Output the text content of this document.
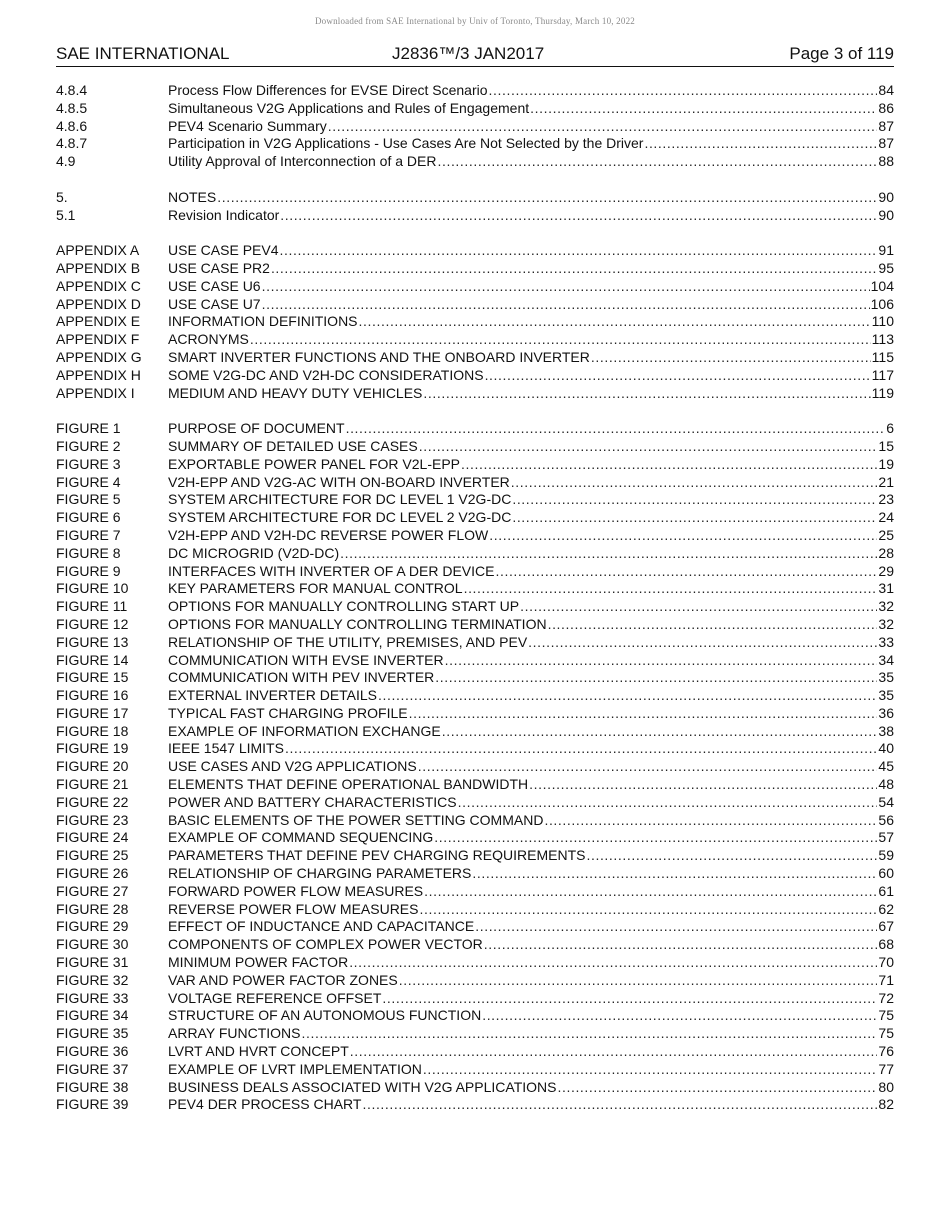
Downloaded from SAE International by Univ of Toronto, Thursday, March 10, 2022
SAE INTERNATIONAL	J2836™/3 JAN2017	Page 3 of 119
4.8.4	Process Flow Differences for EVSE Direct Scenario .....	84
4.8.5	Simultaneous V2G Applications and Rules of Engagement .....	86
4.8.6	PEV4 Scenario Summary .....	87
4.8.7	Participation in V2G Applications - Use Cases Are Not Selected by the Driver .....	87
4.9	Utility Approval of Interconnection of a DER .....	88
5.	NOTES .....	90
5.1	Revision Indicator .....	90
APPENDIX A	USE CASE PEV4 .....	91
APPENDIX B	USE CASE PR2 .....	95
APPENDIX C	USE CASE U6 .....	104
APPENDIX D	USE CASE U7 .....	106
APPENDIX E	INFORMATION DEFINITIONS .....	110
APPENDIX F	ACRONYMS .....	113
APPENDIX G	SMART INVERTER FUNCTIONS AND THE ONBOARD INVERTER .....	115
APPENDIX H	SOME V2G-DC AND V2H-DC CONSIDERATIONS .....	117
APPENDIX I	MEDIUM AND HEAVY DUTY VEHICLES .....	119
FIGURE 1	PURPOSE OF DOCUMENT .....	6
FIGURE 2	SUMMARY OF DETAILED USE CASES .....	15
FIGURE 3	EXPORTABLE POWER PANEL FOR V2L-EPP .....	19
FIGURE 4	V2H-EPP AND V2G-AC WITH ON-BOARD INVERTER .....	21
FIGURE 5	SYSTEM ARCHITECTURE FOR DC LEVEL 1 V2G-DC .....	23
FIGURE 6	SYSTEM ARCHITECTURE FOR DC LEVEL 2 V2G-DC .....	24
FIGURE 7	V2H-EPP AND V2H-DC REVERSE POWER FLOW .....	25
FIGURE 8	DC MICROGRID (V2D-DC) .....	28
FIGURE 9	INTERFACES WITH INVERTER OF A DER DEVICE .....	29
FIGURE 10	KEY PARAMETERS FOR MANUAL CONTROL .....	31
FIGURE 11	OPTIONS FOR MANUALLY CONTROLLING START UP .....	32
FIGURE 12	OPTIONS FOR MANUALLY CONTROLLING TERMINATION .....	32
FIGURE 13	RELATIONSHIP OF THE UTILITY, PREMISES, AND PEV .....	33
FIGURE 14	COMMUNICATION WITH EVSE INVERTER .....	34
FIGURE 15	COMMUNICATION WITH PEV INVERTER .....	35
FIGURE 16	EXTERNAL INVERTER DETAILS .....	35
FIGURE 17	TYPICAL FAST CHARGING PROFILE .....	36
FIGURE 18	EXAMPLE OF INFORMATION EXCHANGE .....	38
FIGURE 19	IEEE 1547 LIMITS .....	40
FIGURE 20	USE CASES AND V2G APPLICATIONS .....	45
FIGURE 21	ELEMENTS THAT DEFINE OPERATIONAL BANDWIDTH .....	48
FIGURE 22	POWER AND BATTERY CHARACTERISTICS .....	54
FIGURE 23	BASIC ELEMENTS OF THE POWER SETTING COMMAND .....	56
FIGURE 24	EXAMPLE OF COMMAND SEQUENCING .....	57
FIGURE 25	PARAMETERS THAT DEFINE PEV CHARGING REQUIREMENTS .....	59
FIGURE 26	RELATIONSHIP OF CHARGING PARAMETERS .....	60
FIGURE 27	FORWARD POWER FLOW MEASURES .....	61
FIGURE 28	REVERSE POWER FLOW MEASURES .....	62
FIGURE 29	EFFECT OF INDUCTANCE AND CAPACITANCE .....	67
FIGURE 30	COMPONENTS OF COMPLEX POWER VECTOR .....	68
FIGURE 31	MINIMUM POWER FACTOR .....	70
FIGURE 32	VAR AND POWER FACTOR ZONES .....	71
FIGURE 33	VOLTAGE REFERENCE OFFSET .....	72
FIGURE 34	STRUCTURE OF AN AUTONOMOUS FUNCTION .....	75
FIGURE 35	ARRAY FUNCTIONS .....	75
FIGURE 36	LVRT AND HVRT CONCEPT .....	76
FIGURE 37	EXAMPLE OF LVRT IMPLEMENTATION .....	77
FIGURE 38	BUSINESS DEALS ASSOCIATED WITH V2G APPLICATIONS .....	80
FIGURE 39	PEV4 DER PROCESS CHART .....	82
